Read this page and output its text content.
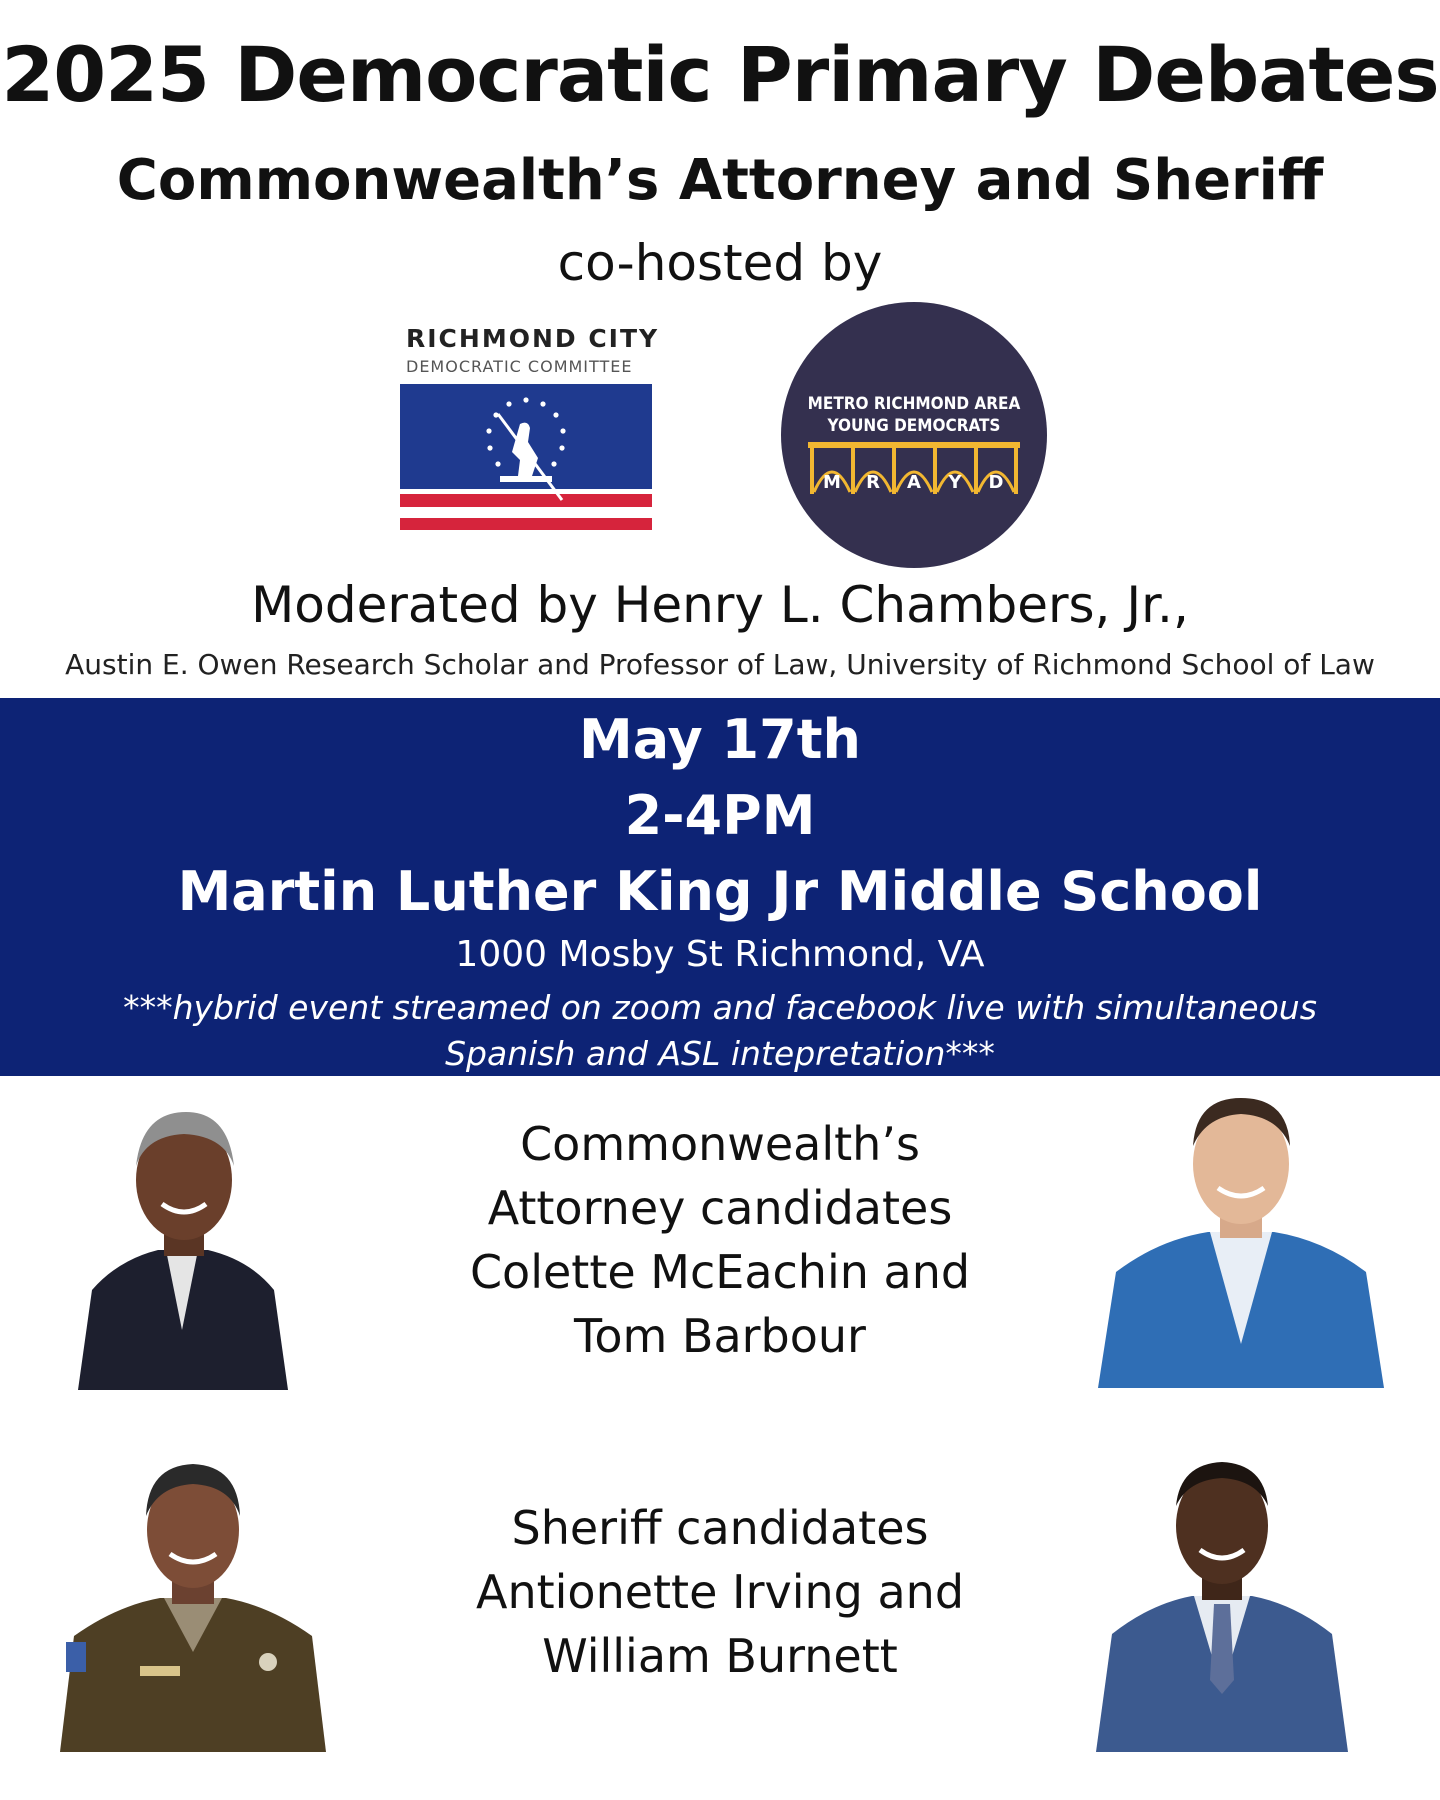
2025 Democratic Primary Debates
Commonwealth’s Attorney and Sheriff
co-hosted by
RICHMOND CITY
DEMOCRATIC COMMITTEE
METRO RICHMOND AREA
YOUNG DEMOCRATS
M R A Y D
Moderated by Henry L. Chambers, Jr.,
Austin E. Owen Research Scholar and Professor of Law, University of Richmond School of Law
May 17th
2-4PM
Martin Luther King Jr Middle School
1000 Mosby St Richmond, VA
***hybrid event streamed on zoom and facebook live with simultaneous
Spanish and ASL intepretation***
Commonwealth’s
Attorney candidates
Colette McEachin and
Tom Barbour
Sheriff candidates
Antionette Irving and
William Burnett
